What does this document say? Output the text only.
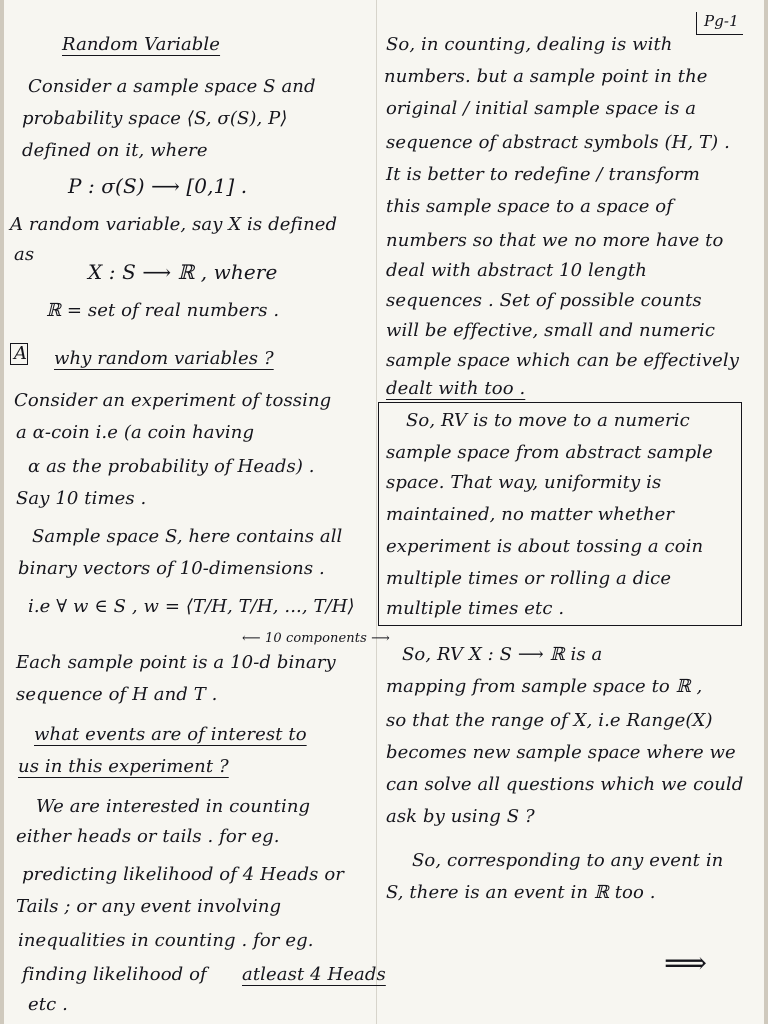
Pg-1
Random Variable
Consider a sample space S and
probability space ⟨S, σ(S), P⟩
defined on it, where
P : σ(S) ⟶ [0,1] .
A random variable, say X is defined
as
X : S ⟶ ℝ , where
ℝ = set of real numbers .
A why random variables ?
Consider an experiment of tossing
a α-coin i.e (a coin having
α as the probability of Heads) .
Say 10 times .
Sample space S, here contains all
binary vectors of 10-dimensions .
i.e ∀ w ∈ S , w = ⟨T/H, T/H, ..., T/H⟩
⟵ 10 components ⟶
Each sample point is a 10-d binary
sequence of H and T .
what events are of interest to
us in this experiment ?
We are interested in counting
either heads or tails . for eg.
predicting likelihood of 4 Heads or
Tails ; or any event involving
inequalities in counting . for eg.
finding likelihood of atleast 4 Heads
etc .
So, in counting, dealing is with
numbers. but a sample point in the
original / initial sample space is a
sequence of abstract symbols (H, T) .
It is better to redefine / transform
this sample space to a space of
numbers so that we no more have to
deal with abstract 10 length
sequences . Set of possible counts
will be effective, small and numeric
sample space which can be effectively
dealt with too .
So, RV is to move to a numeric
sample space from abstract sample
space. That way, uniformity is
maintained, no matter whether
experiment is about tossing a coin
multiple times or rolling a dice
multiple times etc .
So, RV X : S ⟶ ℝ is a
mapping from sample space to ℝ ,
so that the range of X, i.e Range(X)
becomes new sample space where we
can solve all questions which we could
ask by using S ?
So, corresponding to any event in
S, there is an event in ℝ too .
⟹
